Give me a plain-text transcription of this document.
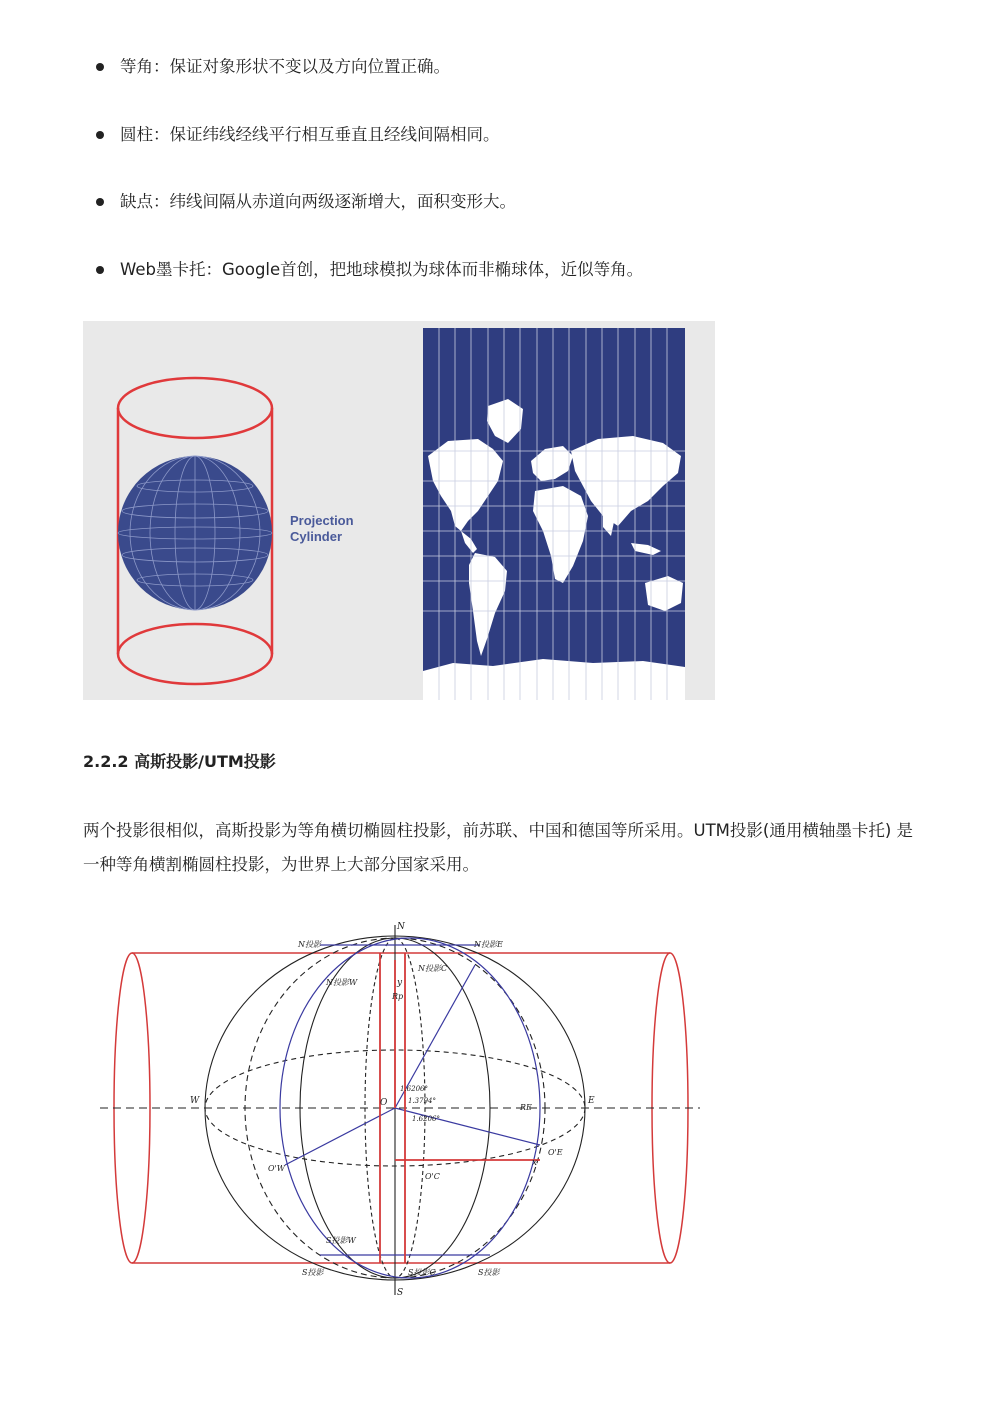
等角：保证对象形状不变以及方向位置正确。
圆柱：保证纬线经线平行相互垂直且经线间隔相同。
缺点：纬线间隔从赤道向两级逐渐增大，面积变形大。
Web墨卡托：Google首创，把地球模拟为球体而非椭球体，近似等角。
Projection
Cylinder
2.2.2 高斯投影/UTM投影
两个投影很相似，高斯投影为等角横切椭圆柱投影，前苏联、中国和德国等所采用。UTM投影(通用横轴墨卡托) 是一种等角横割椭圆柱投影，为世界上大部分国家采用。
N
S
W	E
O
y
x
N投影	N投影E
N投影W
N投影C
S投影	S投影
S投影W
S投影C
Rp
RE
O'W
O'E
O'C
1.6206°
1.3794°
1.6206°
